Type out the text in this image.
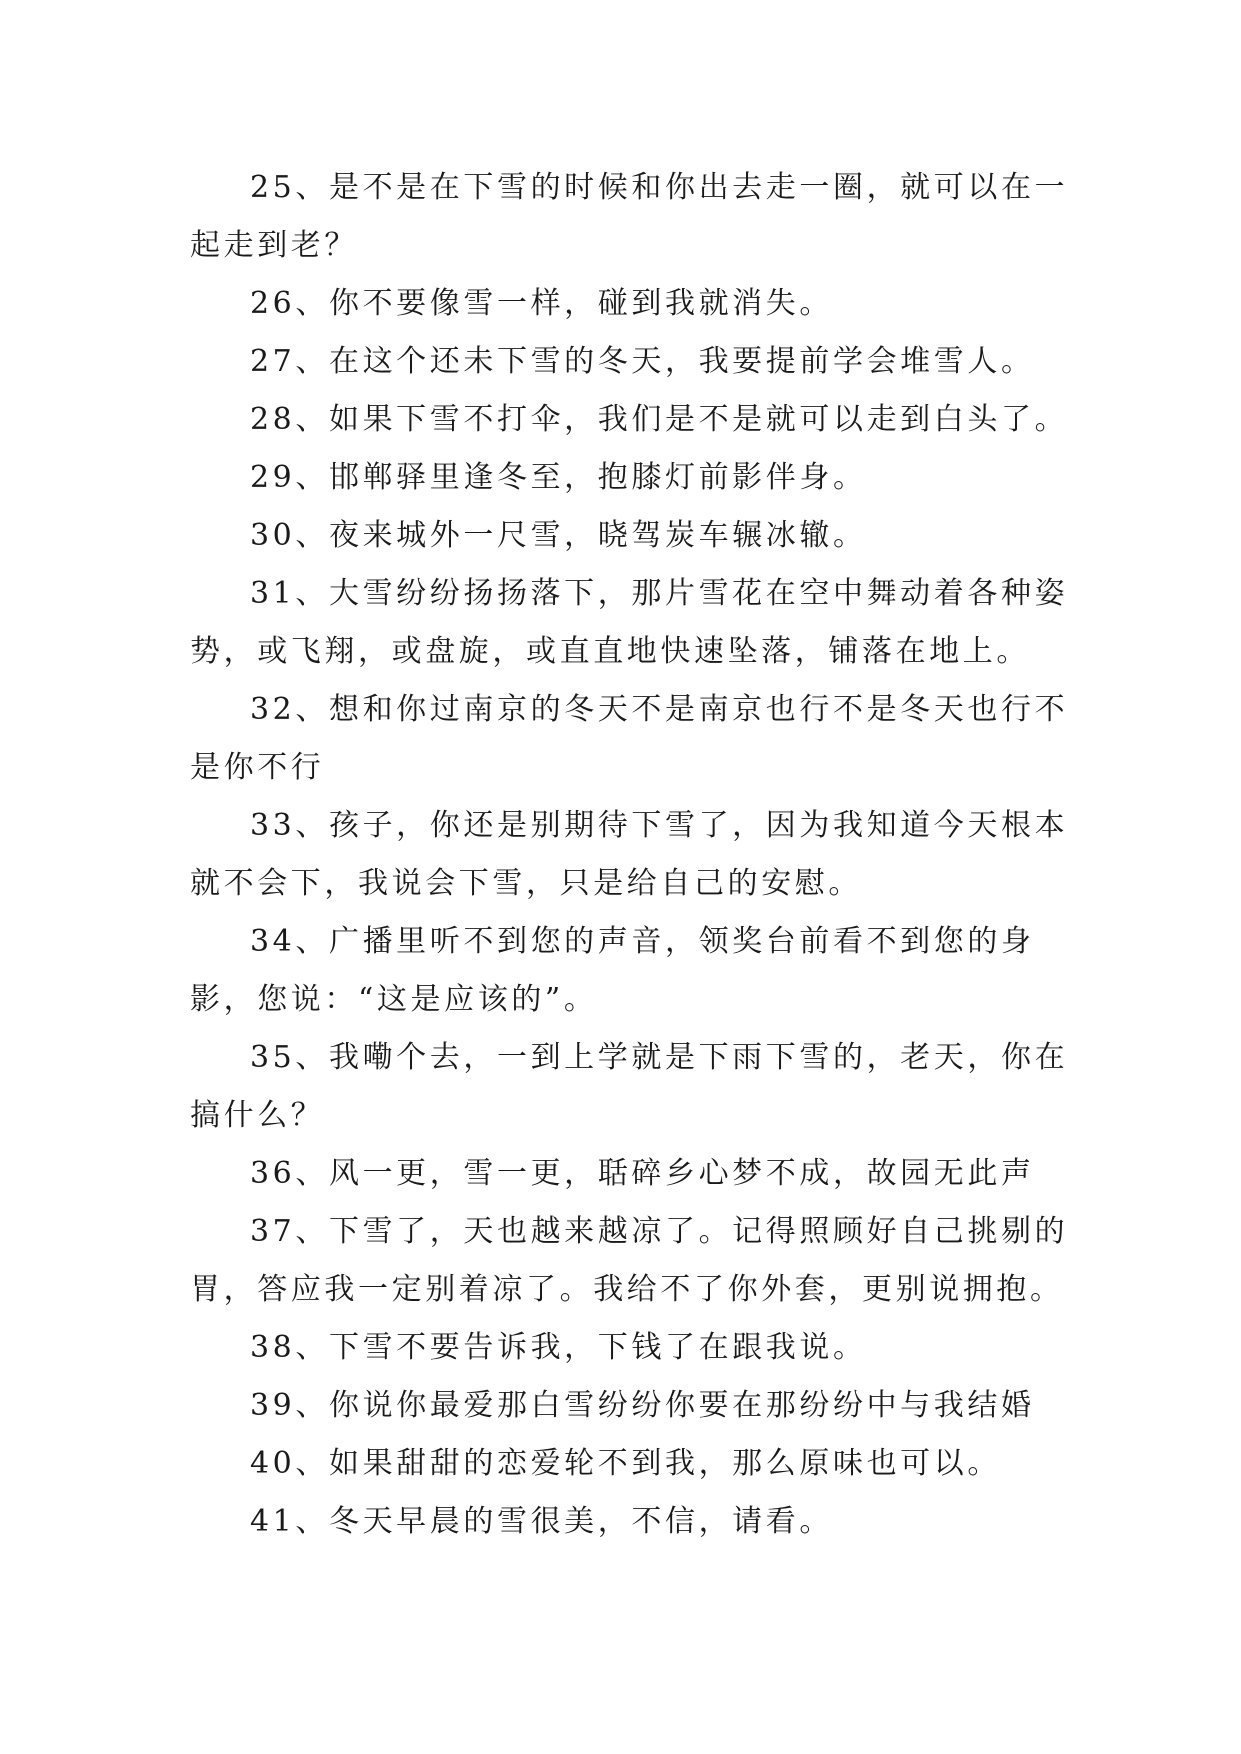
25、是不是在下雪的时候和你出去走一圈，就可以在一起走到老？

26、你不要像雪一样，碰到我就消失。

27、在这个还未下雪的冬天，我要提前学会堆雪人。

28、如果下雪不打伞，我们是不是就可以走到白头了。

29、邯郸驿里逢冬至，抱膝灯前影伴身。

30、夜来城外一尺雪，晓驾炭车辗冰辙。

31、大雪纷纷扬扬落下，那片雪花在空中舞动着各种姿势，或飞翔，或盘旋，或直直地快速坠落，铺落在地上。

32、想和你过南京的冬天不是南京也行不是冬天也行不是你不行

33、孩子，你还是别期待下雪了，因为我知道今天根本就不会下，我说会下雪，只是给自己的安慰。

34、广播里听不到您的声音，领奖台前看不到您的身影，您说：“这是应该的”。

35、我嘞个去，一到上学就是下雨下雪的，老天，你在搞什么？

36、风一更，雪一更，聒碎乡心梦不成，故园无此声

37、下雪了，天也越来越凉了。记得照顾好自己挑剔的胃，答应我一定别着凉了。我给不了你外套，更别说拥抱。

38、下雪不要告诉我，下钱了在跟我说。

39、你说你最爱那白雪纷纷你要在那纷纷中与我结婚

40、如果甜甜的恋爱轮不到我，那么原味也可以。

41、冬天早晨的雪很美，不信，请看。
